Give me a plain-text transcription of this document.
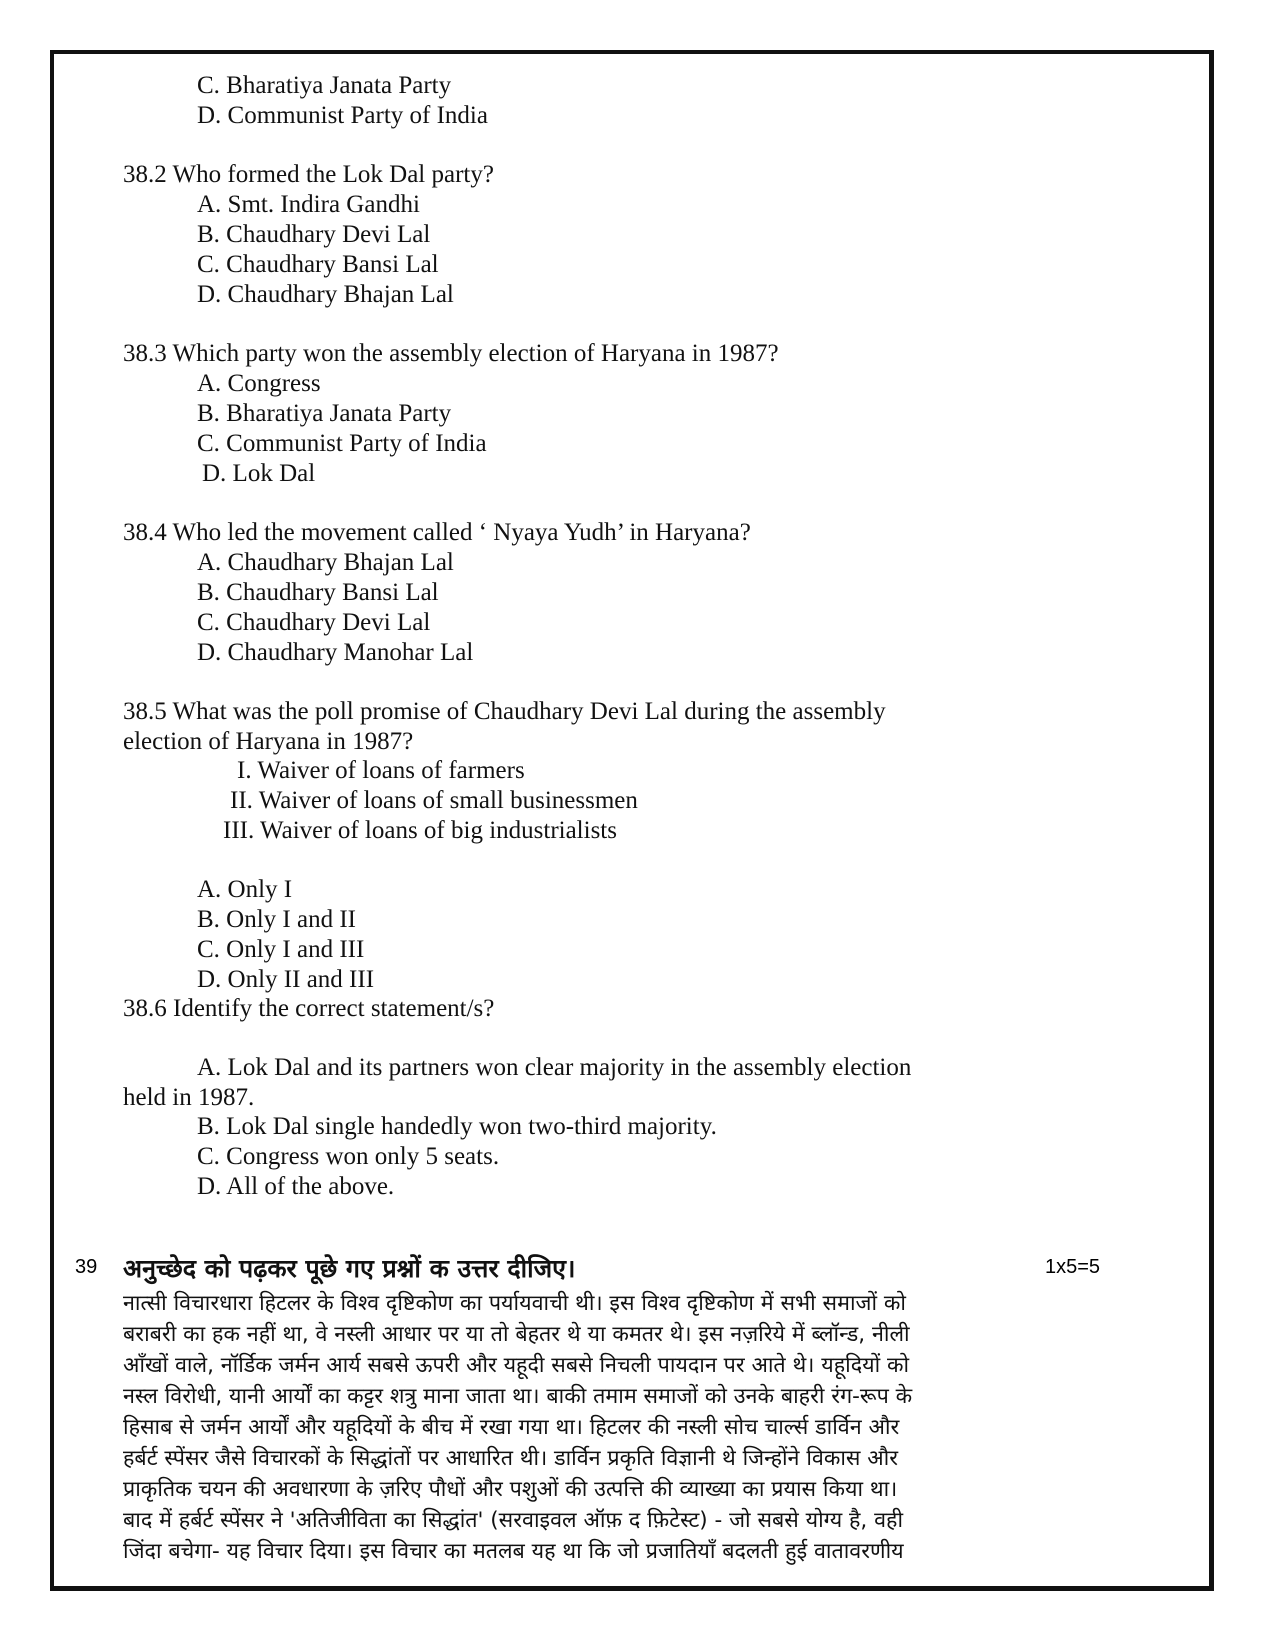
C. Bharatiya Janata Party
D. Communist Party of India
38.2 Who formed the Lok Dal party?
A. Smt. Indira Gandhi
B. Chaudhary Devi Lal
C. Chaudhary Bansi Lal
D. Chaudhary Bhajan Lal
38.3 Which party won the assembly election of Haryana in 1987?
A. Congress
B. Bharatiya Janata Party
C. Communist Party of India
D. Lok Dal
38.4 Who led the movement called ‘ Nyaya Yudh’ in Haryana?
A. Chaudhary Bhajan Lal
B. Chaudhary Bansi Lal
C. Chaudhary Devi Lal
D. Chaudhary Manohar Lal
38.5 What was the poll promise of Chaudhary Devi Lal during the assembly
election of Haryana in 1987?
I. Waiver of loans of farmers
II. Waiver of loans of small businessmen
III. Waiver of loans of big industrialists
A. Only I
B. Only I and II
C. Only I and III
D. Only II and III
38.6 Identify the correct statement/s?
A. Lok Dal and its partners won clear majority in the assembly election
held in 1987.
B. Lok Dal single handedly won two-third majority.
C. Congress won only 5 seats.
D. All of the above.
39	1x5=5
अनुच्छेद को पढ़कर पूछे गए प्रश्नों क उत्तर दीजिए।
नात्सी विचारधारा हिटलर के विश्व दृष्टिकोण का पर्यायवाची थी। इस विश्व दृष्टिकोण में सभी समाजों को
बराबरी का हक नहीं था, वे नस्ली आधार पर या तो बेहतर थे या कमतर थे। इस नज़रिये में ब्लॉन्ड, नीली
आँखों वाले, नॉर्डिक जर्मन आर्य सबसे ऊपरी और यहूदी सबसे निचली पायदान पर आते थे। यहूदियों को
नस्ल विरोधी, यानी आर्यों का कट्टर शत्रु माना जाता था। बाकी तमाम समाजों को उनके बाहरी रंग-रूप के
हिसाब से जर्मन आर्यों और यहूदियों के बीच में रखा गया था। हिटलर की नस्ली सोच चार्ल्स डार्विन और
हर्बर्ट स्पेंसर जैसे विचारकों के सिद्धांतों पर आधारित थी। डार्विन प्रकृति विज्ञानी थे जिन्होंने विकास और
प्राकृतिक चयन की अवधारणा के ज़रिए पौधों और पशुओं की उत्पत्ति की व्याख्या का प्रयास किया था।
बाद में हर्बर्ट स्पेंसर ने 'अतिजीविता का सिद्धांत' (सरवाइवल ऑफ़ द फ़िटेस्ट) - जो सबसे योग्य है, वही
जिंदा बचेगा- यह विचार दिया। इस विचार का मतलब यह था कि जो प्रजातियाँ बदलती हुई वातावरणीय
